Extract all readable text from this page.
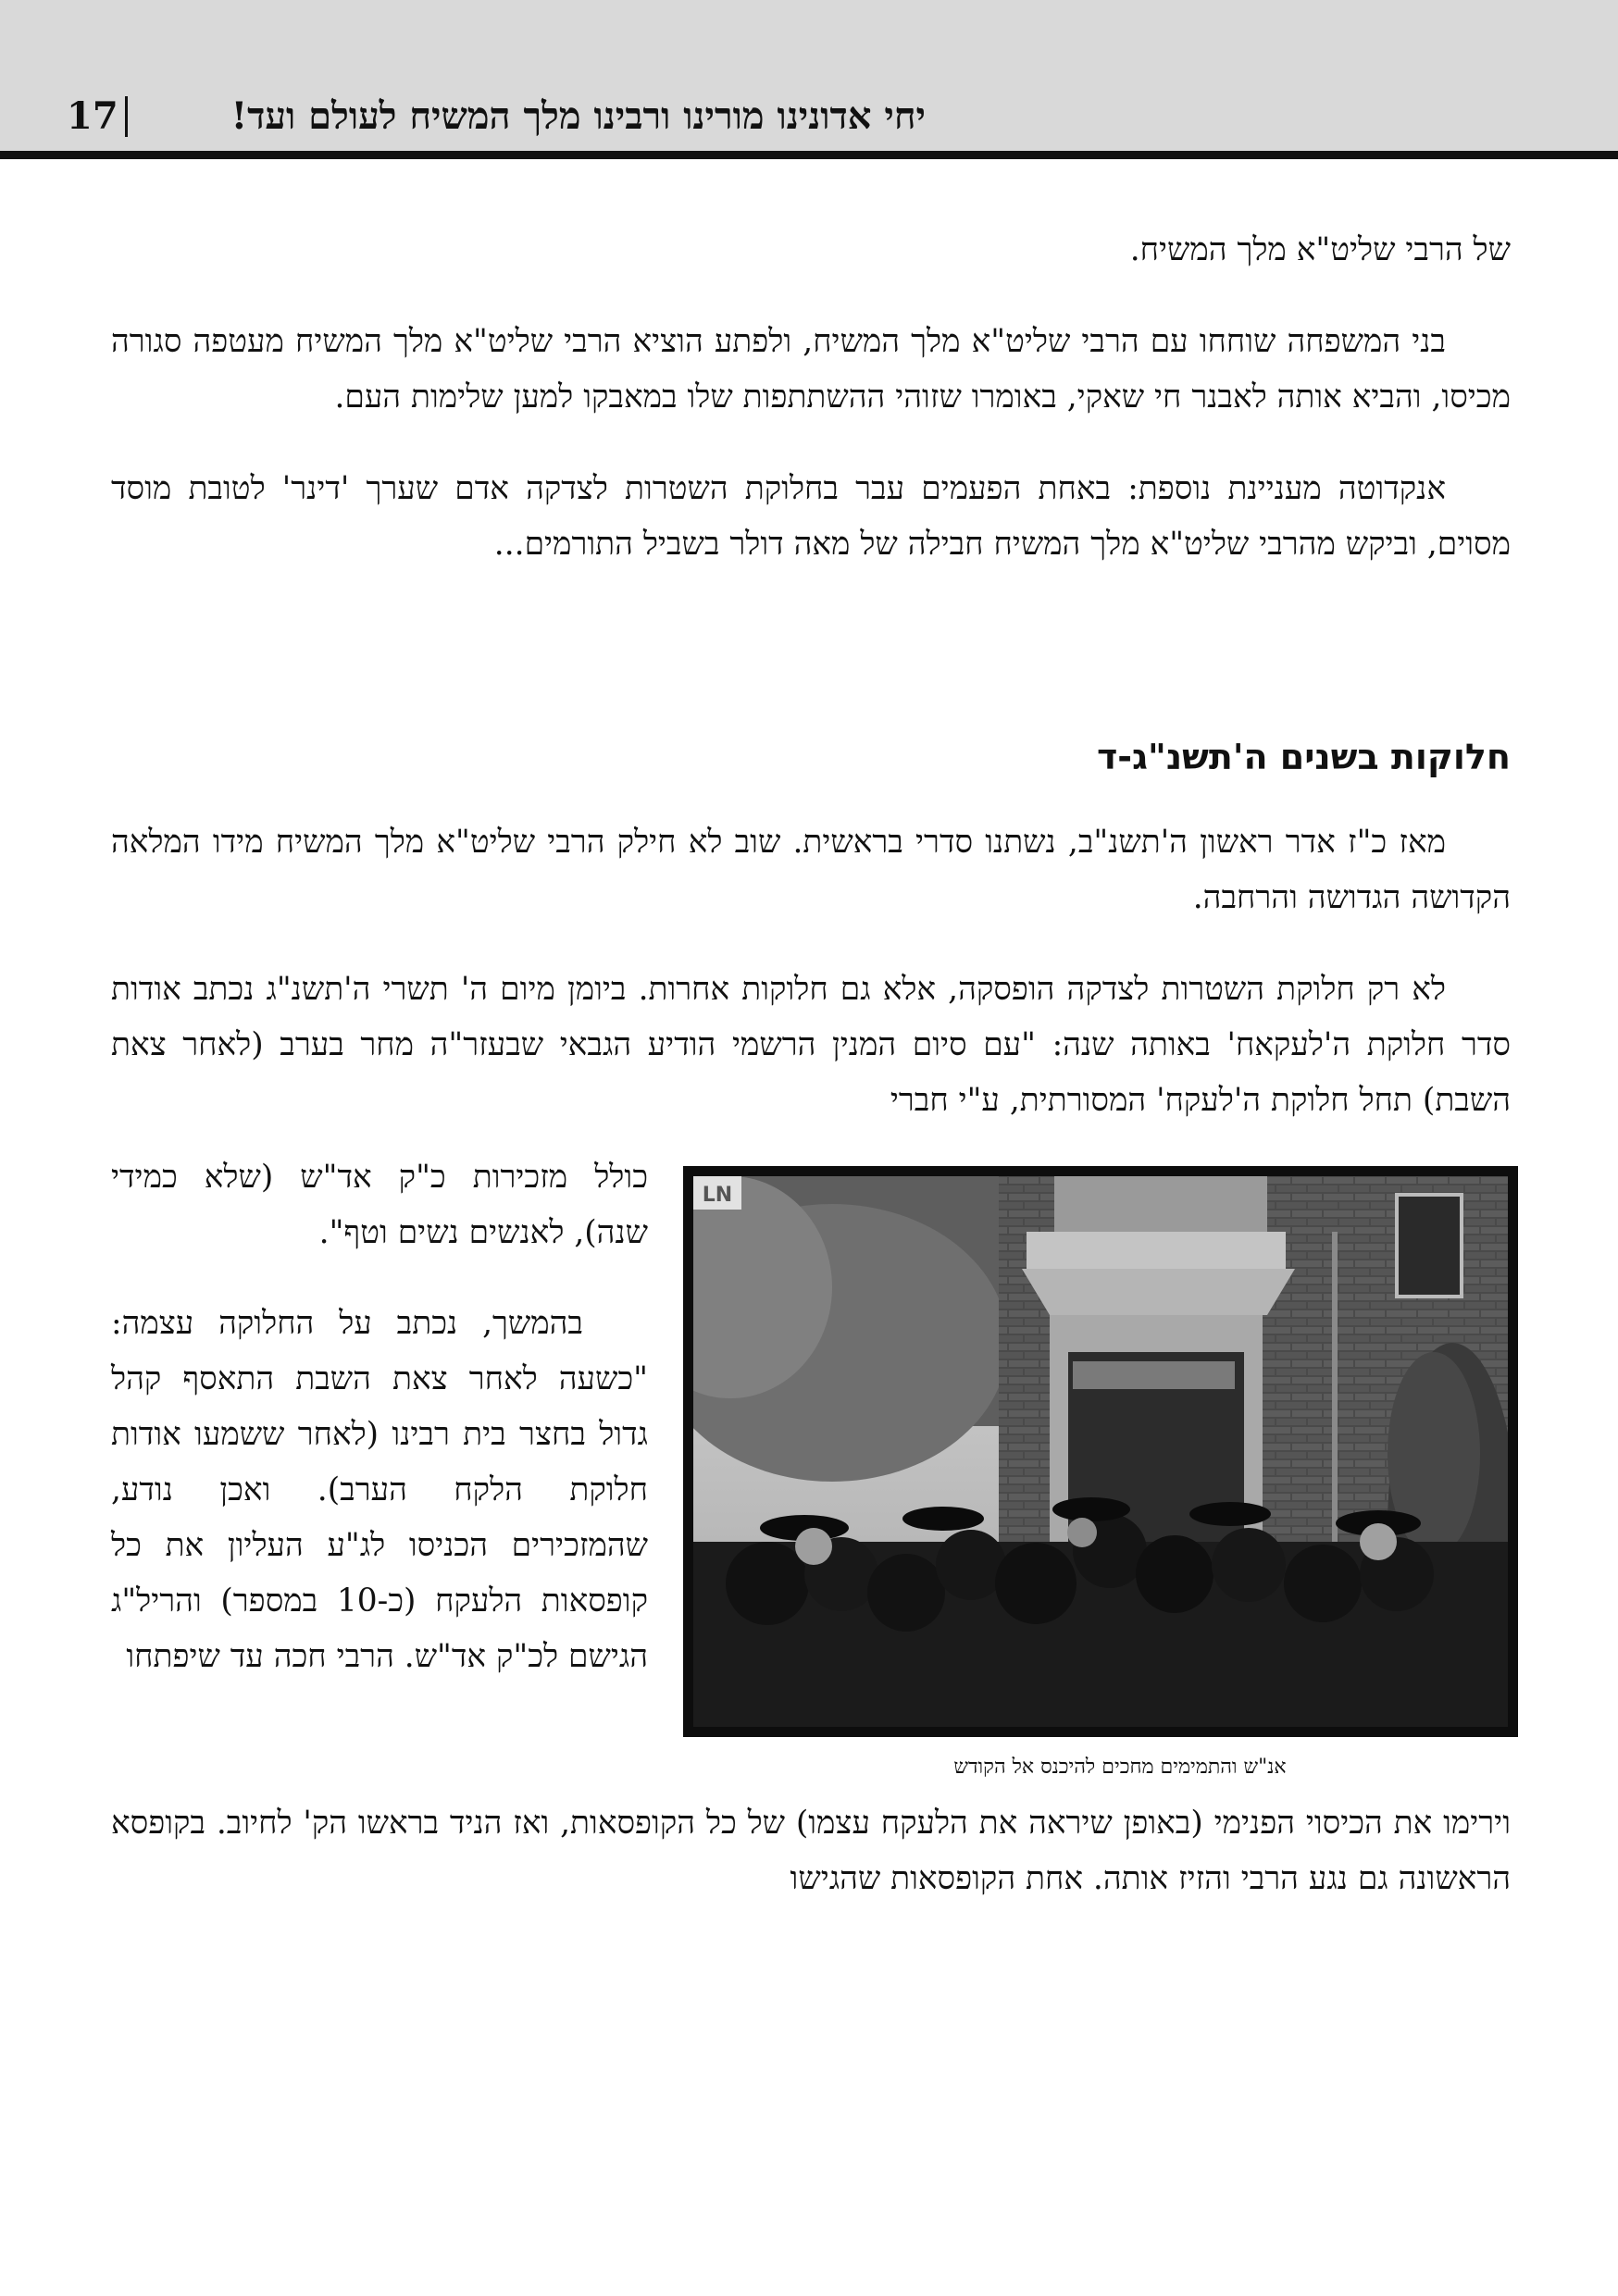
יחי אדונינו מורינו ורבינו מלך המשיח לעולם ועד!
17

של הרבי שליט"א מלך המשיח.

בני המשפחה שוחחו עם הרבי שליט"א מלך המשיח, ולפתע הוציא הרבי שליט"א מלך המשיח מעטפה סגורה מכיסו, והביא אותה לאבנר חי שאקי, באומרו שזוהי ההשתתפות שלו במאבקו למען שלימות העם.

אנקדוטה מעניינת נוספת: באחת הפעמים עבר בחלוקת השטרות לצדקה אדם שערך 'דינר' לטובת מוסד מסוים, וביקש מהרבי שליט"א מלך המשיח חבילה של מאה דולר בשביל התורמים...

חלוקות בשנים ה'תשנ"ג-ד

מאז כ"ז אדר ראשון ה'תשנ"ב, נשתנו סדרי בראשית. שוב לא חילק הרבי שליט"א מלך המשיח מידו המלאה הקדושה הגדושה והרחבה.

לא רק חלוקת השטרות לצדקה הופסקה, אלא גם חלוקות אחרות. ביומן מיום ה' תשרי ה'תשנ"ג נכתב אודות סדר חלוקת ה'לעקאח' באותה שנה: "עם סיום המנין הרשמי הודיע הגבאי שבעזר"ה מחר בערב (לאחר צאת השבת) תחל חלוקת ה'לעקח' המסורתית, ע"י חברי

כולל מזכירות כ"ק אד"ש (שלא כמידי שנה), לאנשים נשים וטף".

בהמשך, נכתב על החלוקה עצמה: "כשעה לאחר צאת השבת התאסף קהל גדול בחצר בית רבינו (לאחר ששמעו אודות חלוקת הלקח הערב). ואכן נודע, שהמזכירים הכניסו לג"ע העליון את כל קופסאות הלעקח (כ-10 במספר) והריל"ג הגישם לכ"ק אד"ש. הרבי חכה עד שיפתחו

LN
אנ"ש והתמימים מחכים להיכנס אל הקודש

וירימו את הכיסוי הפנימי (באופן שיראה את הלעקח עצמו) של כל הקופסאות, ואז הניד בראשו הק' לחיוב. בקופסא הראשונה גם נגע הרבי והזיז אותה. אחת הקופסאות שהגישו
